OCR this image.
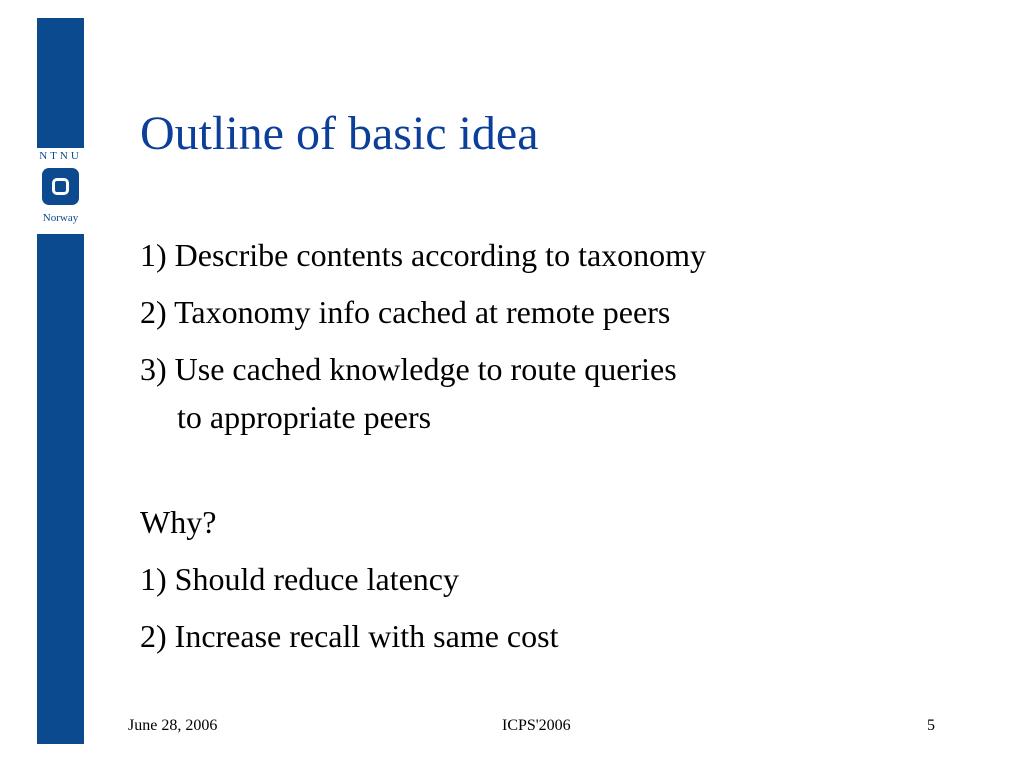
NTNU
Norway
Outline of basic idea
1) Describe contents according to taxonomy
2) Taxonomy info cached at remote peers
3) Use cached knowledge to route queries
to appropriate peers
Why?
1) Should reduce latency
2) Increase recall with same cost
June 28, 2006	ICPS'2006	5
